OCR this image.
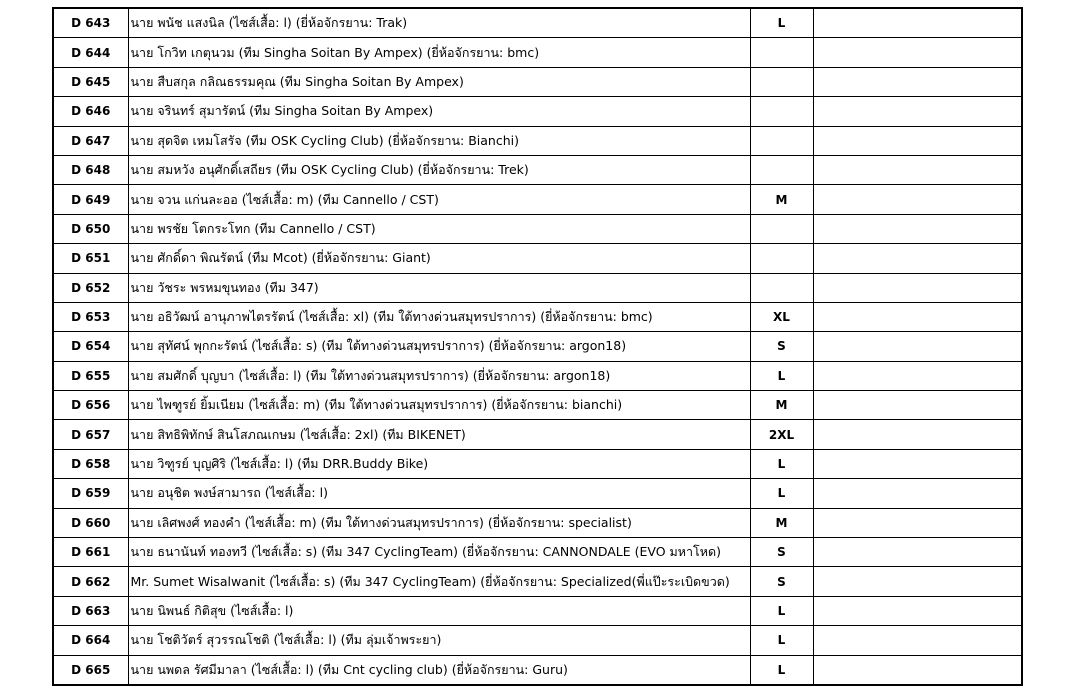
D 643	นาย พนัช แสงนิล (ไซส์เสื้อ: l) (ยี่ห้อจักรยาน: Trak)	L	
D 644	นาย โกวิท เกตุนวม (ทีม Singha Soitan By Ampex) (ยี่ห้อจักรยาน: bmc)		
D 645	นาย สืบสกุล กลิณธรรมคุณ (ทีม Singha Soitan By Ampex)		
D 646	นาย จรินทร์ สุมารัตน์ (ทีม Singha Soitan By Ampex)		
D 647	นาย สุดจิต เหมโสรัจ (ทีม OSK Cycling Club) (ยี่ห้อจักรยาน: Bianchi)		
D 648	นาย สมหวัง อนุศักดิ์เสถียร (ทีม OSK Cycling Club) (ยี่ห้อจักรยาน: Trek)		
D 649	นาย จวน แก่นละออ (ไซส์เสื้อ: m) (ทีม Cannello / CST)	M	
D 650	นาย พรชัย โตกระโทก (ทีม Cannello / CST)		
D 651	นาย ศักดิ์ดา พิณรัตน์ (ทีม Mcot) (ยี่ห้อจักรยาน: Giant)		
D 652	นาย วัชระ พรหมขุนทอง (ทีม 347)		
D 653	นาย อธิวัฒน์ อานุภาพไตรรัตน์ (ไซส์เสื้อ: xl) (ทีม ใต้ทางด่วนสมุทรปราการ) (ยี่ห้อจักรยาน: bmc)	XL	
D 654	นาย สุทัศน์ พุกกะรัตน์ (ไซส์เสื้อ: s) (ทีม ใต้ทางด่วนสมุทรปราการ) (ยี่ห้อจักรยาน: argon18)	S	
D 655	นาย สมศักดิ์ บุญบา (ไซส์เสื้อ: l) (ทีม ใต้ทางด่วนสมุทรปราการ) (ยี่ห้อจักรยาน: argon18)	L	
D 656	นาย ไพฑูรย์ ยิ้มเนียม (ไซส์เสื้อ: m) (ทีม ใต้ทางด่วนสมุทรปราการ) (ยี่ห้อจักรยาน: bianchi)	M	
D 657	นาย สิทธิพิทักษ์ สินโสภณเกษม (ไซส์เสื้อ: 2xl) (ทีม BIKENET)	2XL	
D 658	นาย วิฑูรย์ บุญศิริ (ไซส์เสื้อ: l) (ทีม DRR.Buddy Bike)	L	
D 659	นาย อนุชิต พงษ์สามารถ (ไซส์เสื้อ: l)	L	
D 660	นาย เลิศพงศ์ ทองคำ (ไซส์เสื้อ: m) (ทีม ใต้ทางด่วนสมุทรปราการ) (ยี่ห้อจักรยาน: specialist)	M	
D 661	นาย ธนานันท์ ทองทวี (ไซส์เสื้อ: s) (ทีม 347 CyclingTeam) (ยี่ห้อจักรยาน: CANNONDALE (EVO มหาโหด)	S	
D 662	Mr. Sumet Wisalwanit (ไซส์เสื้อ: s) (ทีม 347 CyclingTeam) (ยี่ห้อจักรยาน: Specialized(พี่แป๊ะระเบิดขวด)	S	
D 663	นาย นิพนธ์ กิติสุข (ไซส์เสื้อ: l)	L	
D 664	นาย โชติวัตร์ สุวรรณโชติ (ไซส์เสื้อ: l) (ทีม ลุ่มเจ้าพระยา)	L	
D 665	นาย นพดล รัศมีมาลา (ไซส์เสื้อ: l) (ทีม Cnt cycling club) (ยี่ห้อจักรยาน: Guru)	L	
